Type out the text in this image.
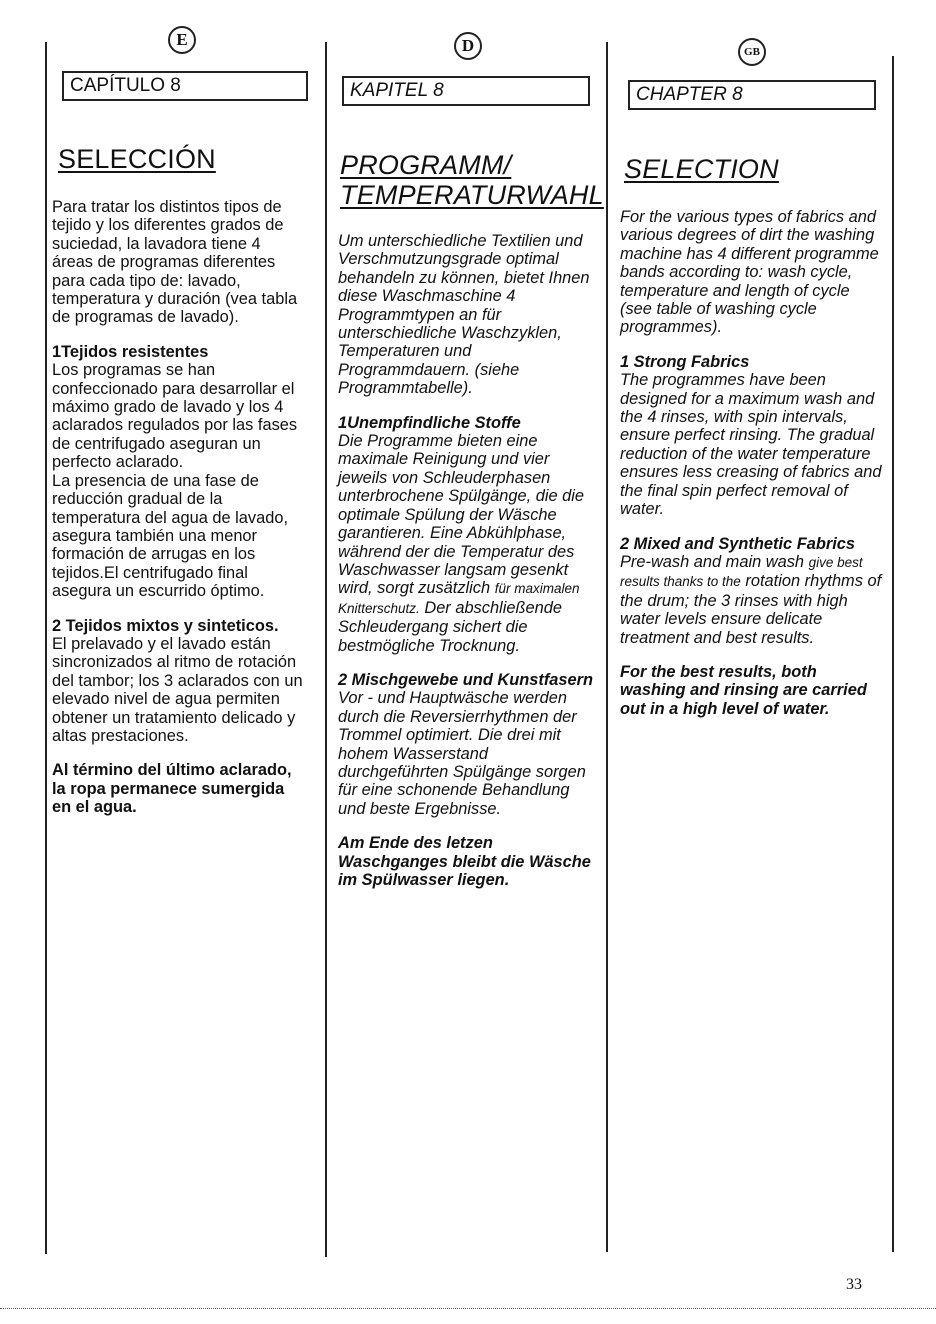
E
CAPÍTULO 8
SELECCIÓN

Para tratar los distintos tipos de tejido y los diferentes grados de suciedad, la lavadora tiene 4 áreas de programas diferentes para cada tipo de: lavado, temperatura y duración (vea tabla de programas de lavado).

1Tejidos resistentes

Los programas se han confeccionado para desarrollar el máximo grado de lavado y los 4 aclarados regulados por las fases de centrifugado aseguran un perfecto aclarado.

La presencia de una fase de reducción gradual de la temperatura del agua de lavado, asegura también una menor formación de arrugas en los tejidos.El centrifugado final asegura un escurrido óptimo.

2 Tejidos mixtos y sinteticos.

El prelavado y el lavado están sincronizados al ritmo de rotación del tambor; los 3 aclarados con un elevado nivel de agua permiten obtener un tratamiento delicado y altas prestaciones.

Al término del último aclarado, la ropa permanece sumergida en el agua.

D
KAPITEL 8
PROGRAMM/
TEMPERATURWAHL

Um unterschiedliche Textilien und Verschmutzungsgrade optimal behandeln zu können, bietet Ihnen diese Waschmaschine 4 Programmtypen an für unterschiedliche Waschzyklen, Temperaturen und Programmdauern. (siehe Programmtabelle).

1Unempfindliche Stoffe

Die Programme bieten eine maximale Reinigung und vier jeweils von Schleuderphasen unterbrochene Spülgänge, die die optimale Spülung der Wäsche garantieren. Eine Abkühlphase, während der die Temperatur des Waschwasser langsam gesenkt wird, sorgt zusätzlich für maximalen Knitterschutz. Der abschließende Schleudergang sichert die bestmögliche Trocknung.

2 Mischgewebe und Kunstfasern

Vor - und Hauptwäsche werden durch die Reversierrhythmen der Trommel optimiert. Die drei mit hohem Wasserstand durchgeführten Spülgänge sorgen für eine schonende Behandlung und beste Ergebnisse.

Am Ende des letzen Waschganges bleibt die Wäsche im Spülwasser liegen.

GB
CHAPTER 8
SELECTION

For the various types of fabrics and various degrees of dirt the washing machine has 4 different programme bands according to: wash cycle, temperature and length of cycle (see table of washing cycle programmes).

1 Strong Fabrics

The programmes have been designed for a maximum wash and the 4 rinses, with spin intervals, ensure perfect rinsing. The gradual reduction of the water temperature ensures less creasing of fabrics and the final spin perfect removal of water.

2 Mixed and Synthetic Fabrics

Pre-wash and main wash give best results thanks to the rotation rhythms of the drum; the 3 rinses with high water levels ensure delicate treatment and best results.

For the best results, both washing and rinsing are carried out in a high level of water.

33
